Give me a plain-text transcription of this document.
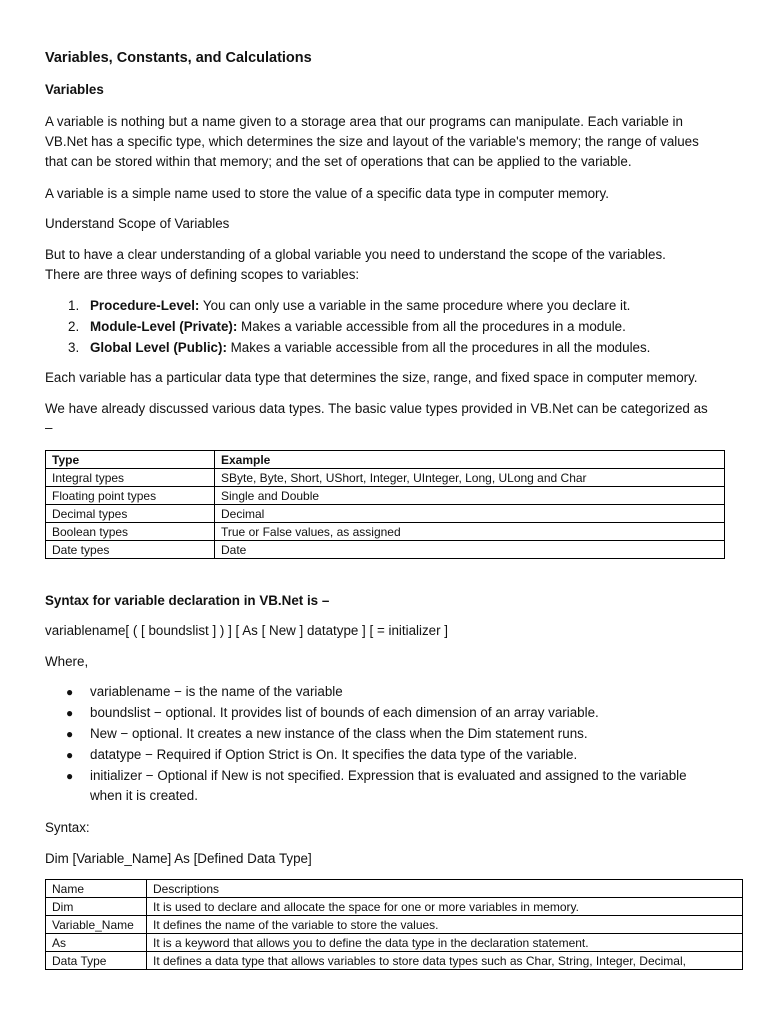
Variables, Constants, and Calculations
Variables
A variable is nothing but a name given to a storage area that our programs can manipulate. Each variable in
VB.Net has a specific type, which determines the size and layout of the variable's memory; the range of values
that can be stored within that memory; and the set of operations that can be applied to the variable.
A variable is a simple name used to store the value of a specific data type in computer memory.
Understand Scope of Variables
But to have a clear understanding of a global variable you need to understand the scope of the variables.
There are three ways of defining scopes to variables:
1. Procedure-Level: You can only use a variable in the same procedure where you declare it.
2. Module-Level (Private): Makes a variable accessible from all the procedures in a module.
3. Global Level (Public): Makes a variable accessible from all the procedures in all the modules.
Each variable has a particular data type that determines the size, range, and fixed space in computer memory.
We have already discussed various data types. The basic value types provided in VB.Net can be categorized as
–
Type	Example
Integral types	SByte, Byte, Short, UShort, Integer, UInteger, Long, ULong and Char
Floating point types	Single and Double
Decimal types	Decimal
Boolean types	True or False values, as assigned
Date types	Date
Syntax for variable declaration in VB.Net is –
variablename[ ( [ boundslist ] ) ] [ As [ New ] datatype ] [ = initializer ]
Where,
● variablename − is the name of the variable
● boundslist − optional. It provides list of bounds of each dimension of an array variable.
● New − optional. It creates a new instance of the class when the Dim statement runs.
● datatype − Required if Option Strict is On. It specifies the data type of the variable.
● initializer − Optional if New is not specified. Expression that is evaluated and assigned to the variable
when it is created.
Syntax:
Dim [Variable_Name] As [Defined Data Type]
Name	Descriptions
Dim	It is used to declare and allocate the space for one or more variables in memory.
Variable_Name	It defines the name of the variable to store the values.
As	It is a keyword that allows you to define the data type in the declaration statement.
Data Type	It defines a data type that allows variables to store data types such as Char, String, Integer, Decimal,
